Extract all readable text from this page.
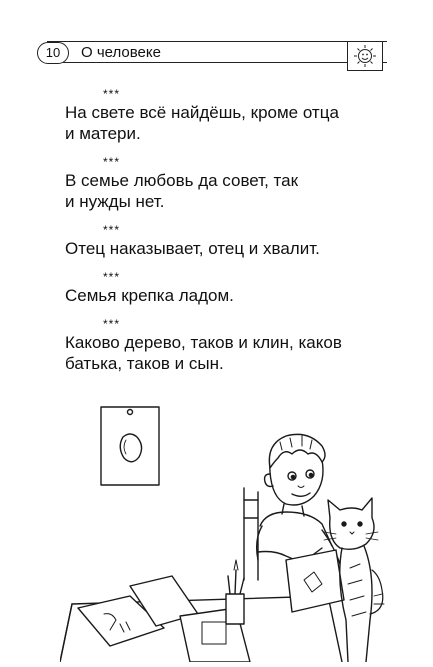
10	О человеке
***
На свете всё найдёшь, кроме отца
и матери.
***
В семье любовь да совет, так
и нужды нет.
***
Отец наказывает, отец и хвалит.
***
Семья крепка ладом.
***
Каково дерево, таков и клин, каков
батька, таков и сын.
